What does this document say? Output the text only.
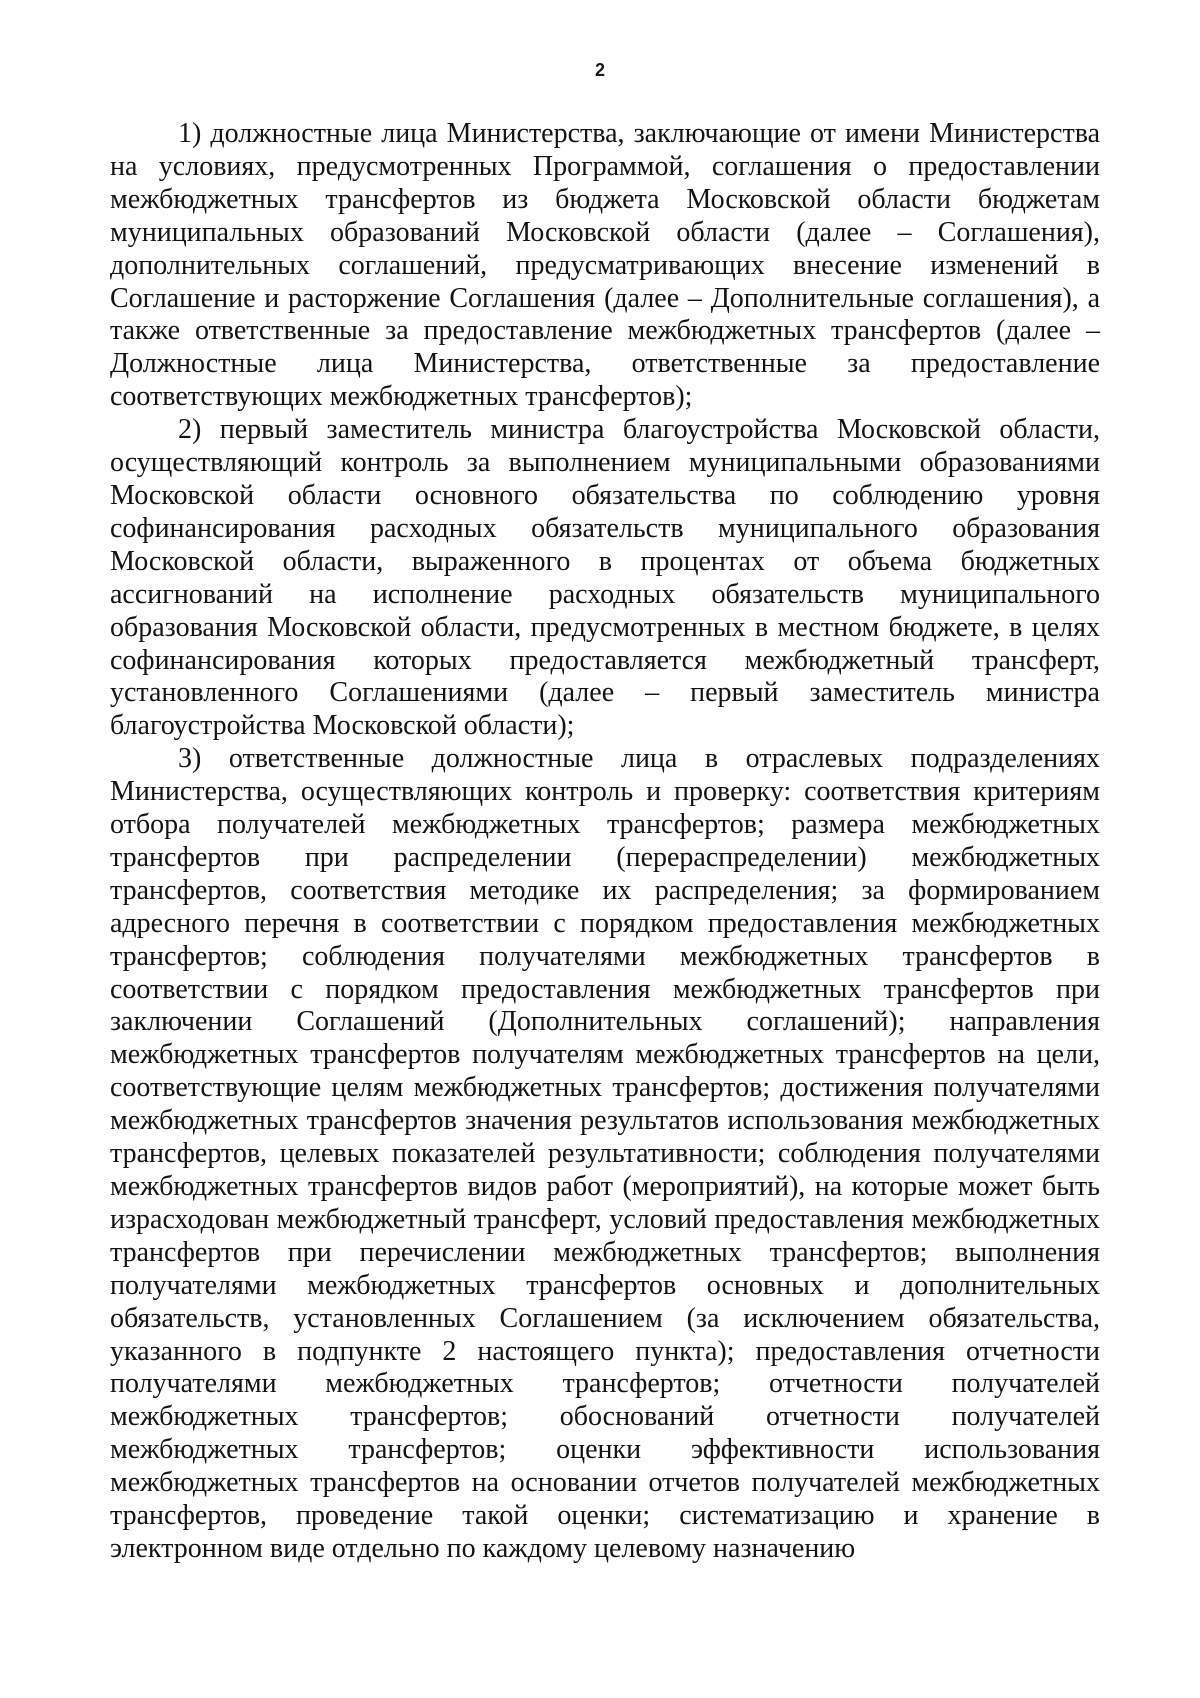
2

1) должностные лица Министерства, заключающие от имени Министерства на условиях, предусмотренных Программой, соглашения о предоставлении межбюджетных трансфертов из бюджета Московской области бюджетам муниципальных образований Московской области (далее – Соглашения), дополнительных соглашений, предусматривающих внесение изменений в Соглашение и расторжение Соглашения (далее – Дополнительные соглашения), а также ответственные за предоставление межбюджетных трансфертов (далее – Должностные лица Министерства, ответственные за предоставление соответствующих межбюджетных трансфертов);

2) первый заместитель министра благоустройства Московской области, осуществляющий контроль за выполнением муниципальными образованиями Московской области основного обязательства по соблюдению уровня софинансирования расходных обязательств муниципального образования Московской области, выраженного в процентах от объема бюджетных ассигнований на исполнение расходных обязательств муниципального образования Московской области, предусмотренных в местном бюджете, в целях софинансирования которых предоставляется межбюджетный трансферт, установленного Соглашениями (далее – первый заместитель министра благоустройства Московской области);

3) ответственные должностные лица в отраслевых подразделениях Министерства, осуществляющих контроль и проверку: соответствия критериям отбора получателей межбюджетных трансфертов; размера межбюджетных трансфертов при распределении (перераспределении) межбюджетных трансфертов, соответствия методике их распределения; за формированием адресного перечня в соответствии с порядком предоставления межбюджетных трансфертов; соблюдения получателями межбюджетных трансфертов в соответствии с порядком предоставления межбюджетных трансфертов при заключении Соглашений (Дополнительных соглашений); направления межбюджетных трансфертов получателям межбюджетных трансфертов на цели, соответствующие целям межбюджетных трансфертов; достижения получателями межбюджетных трансфертов значения результатов использования межбюджетных трансфертов, целевых показателей результативности; соблюдения получателями межбюджетных трансфертов видов работ (мероприятий), на которые может быть израсходован межбюджетный трансферт, условий предоставления межбюджетных трансфертов при перечислении межбюджетных трансфертов; выполнения получателями межбюджетных трансфертов основных и дополнительных обязательств, установленных Соглашением (за исключением обязательства, указанного в подпункте 2 настоящего пункта); предоставления отчетности получателями межбюджетных трансфертов; отчетности получателей межбюджетных трансфертов; обоснований отчетности получателей межбюджетных трансфертов; оценки эффективности использования межбюджетных трансфертов на основании отчетов получателей межбюджетных трансфертов, проведение такой оценки; систематизацию и хранение в электронном виде отдельно по каждому целевому назначению
